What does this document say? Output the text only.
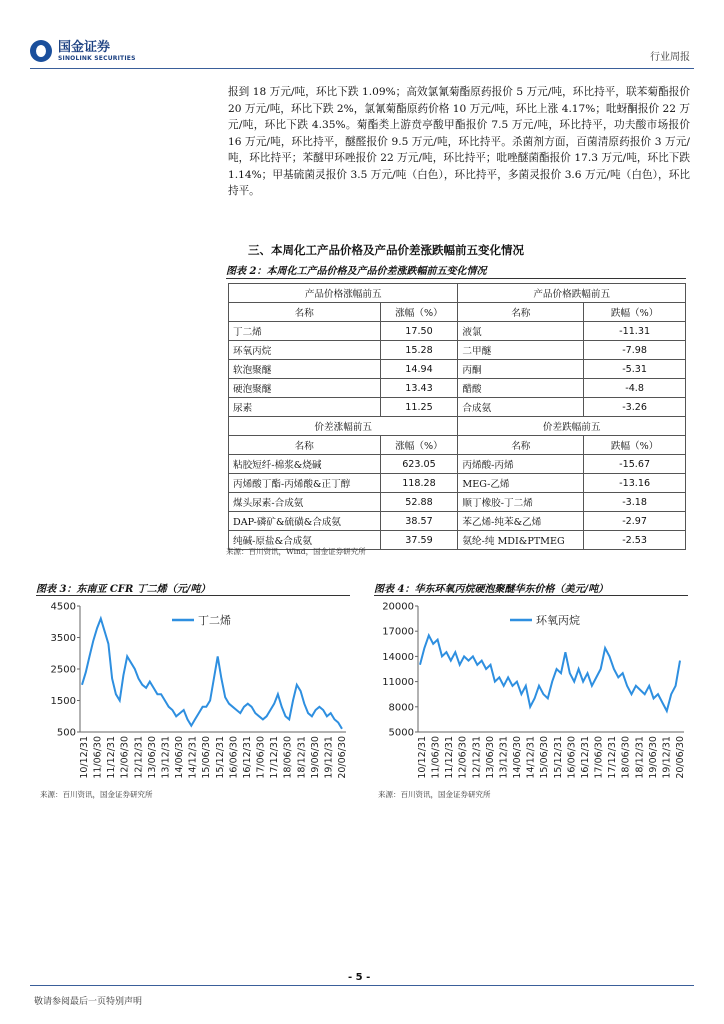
国金证券
SINOLINK SECURITIES	行业周报
报到 18 万元/吨，环比下跌 1.09%；高效氯氰菊酯原药报价 5 万元/吨，环比持平，联苯菊酯报价 20 万元/吨，环比下跌 2%，氯氰菊酯原药价格 10 万元/吨，环比上涨 4.17%；吡蚜酮报价 22 万元/吨，环比下跌 4.35%。菊酯类上游贲亭酸甲酯报价 7.5 万元/吨，环比持平，功夫酸市场报价 16 万元/吨，环比持平，醚醛报价 9.5 万元/吨，环比持平。杀菌剂方面，百菌清原药报价 3 万元/吨，环比持平；苯醚甲环唑报价 22 万元/吨，环比持平；吡唑醚菌酯报价 17.3 万元/吨，环比下跌 1.14%；甲基硫菌灵报价 3.5 万元/吨（白色），环比持平，多菌灵报价 3.6 万元/吨（白色），环比持平。
三、本周化工产品价格及产品价差涨跌幅前五变化情况
图表 2：本周化工产品价格及产品价差涨跌幅前五变化情况
产品价格涨幅前五		产品价格跌幅前五	
名称	涨幅（%）	名称	跌幅（%）
丁二烯	17.50	液氯	-11.31
环氧丙烷	15.28	二甲醚	-7.98
软泡聚醚	14.94	丙酮	-5.31
硬泡聚醚	13.43	醋酸	-4.8
尿素	11.25	合成氨	-3.26
价差涨幅前五		价差跌幅前五	
名称	涨幅（%）	名称	跌幅（%）
粘胶短纤-棉浆&烧碱	623.05	丙烯酸-丙烯	-15.67
丙烯酸丁酯-丙烯酸&正丁醇	118.28	MEG-乙烯	-13.16
煤头尿素-合成氨	52.88	顺丁橡胶-丁二烯	-3.18
DAP-磷矿&硫磺&合成氨	38.57	苯乙烯-纯苯&乙烯	-2.97
纯碱-原盐&合成氨	37.59	氨纶-纯 MDI&PTMEG	-2.53
来源：百川资讯，Wind，国金证券研究所
图表 3：东南亚 CFR 丁二烯（元/吨）
4500
3500
2500
1500
500
10/12/31 11/06/30 11/12/31 12/06/30 12/12/31 13/06/30 13/12/31 14/06/30 14/12/31 15/06/30 15/12/31 16/06/30 16/12/31 17/06/30 17/12/31 18/06/30 18/12/31 19/06/30 19/12/31 20/06/30
丁二烯
来源：百川资讯，国金证券研究所
图表 4：华东环氧丙烷硬泡聚醚华东价格（美元/吨）
20000
17000
14000
11000
8000
5000
10/12/31 11/06/30 11/12/31 12/06/30 12/12/31 13/06/30 13/12/31 14/06/30 14/12/31 15/06/30 15/12/31 16/06/30 16/12/31 17/06/30 17/12/31 18/06/30 18/12/31 19/06/30 19/12/31 20/06/30
环氧丙烷
来源：百川资讯，国金证券研究所
- 5 -
敬请参阅最后一页特别声明
